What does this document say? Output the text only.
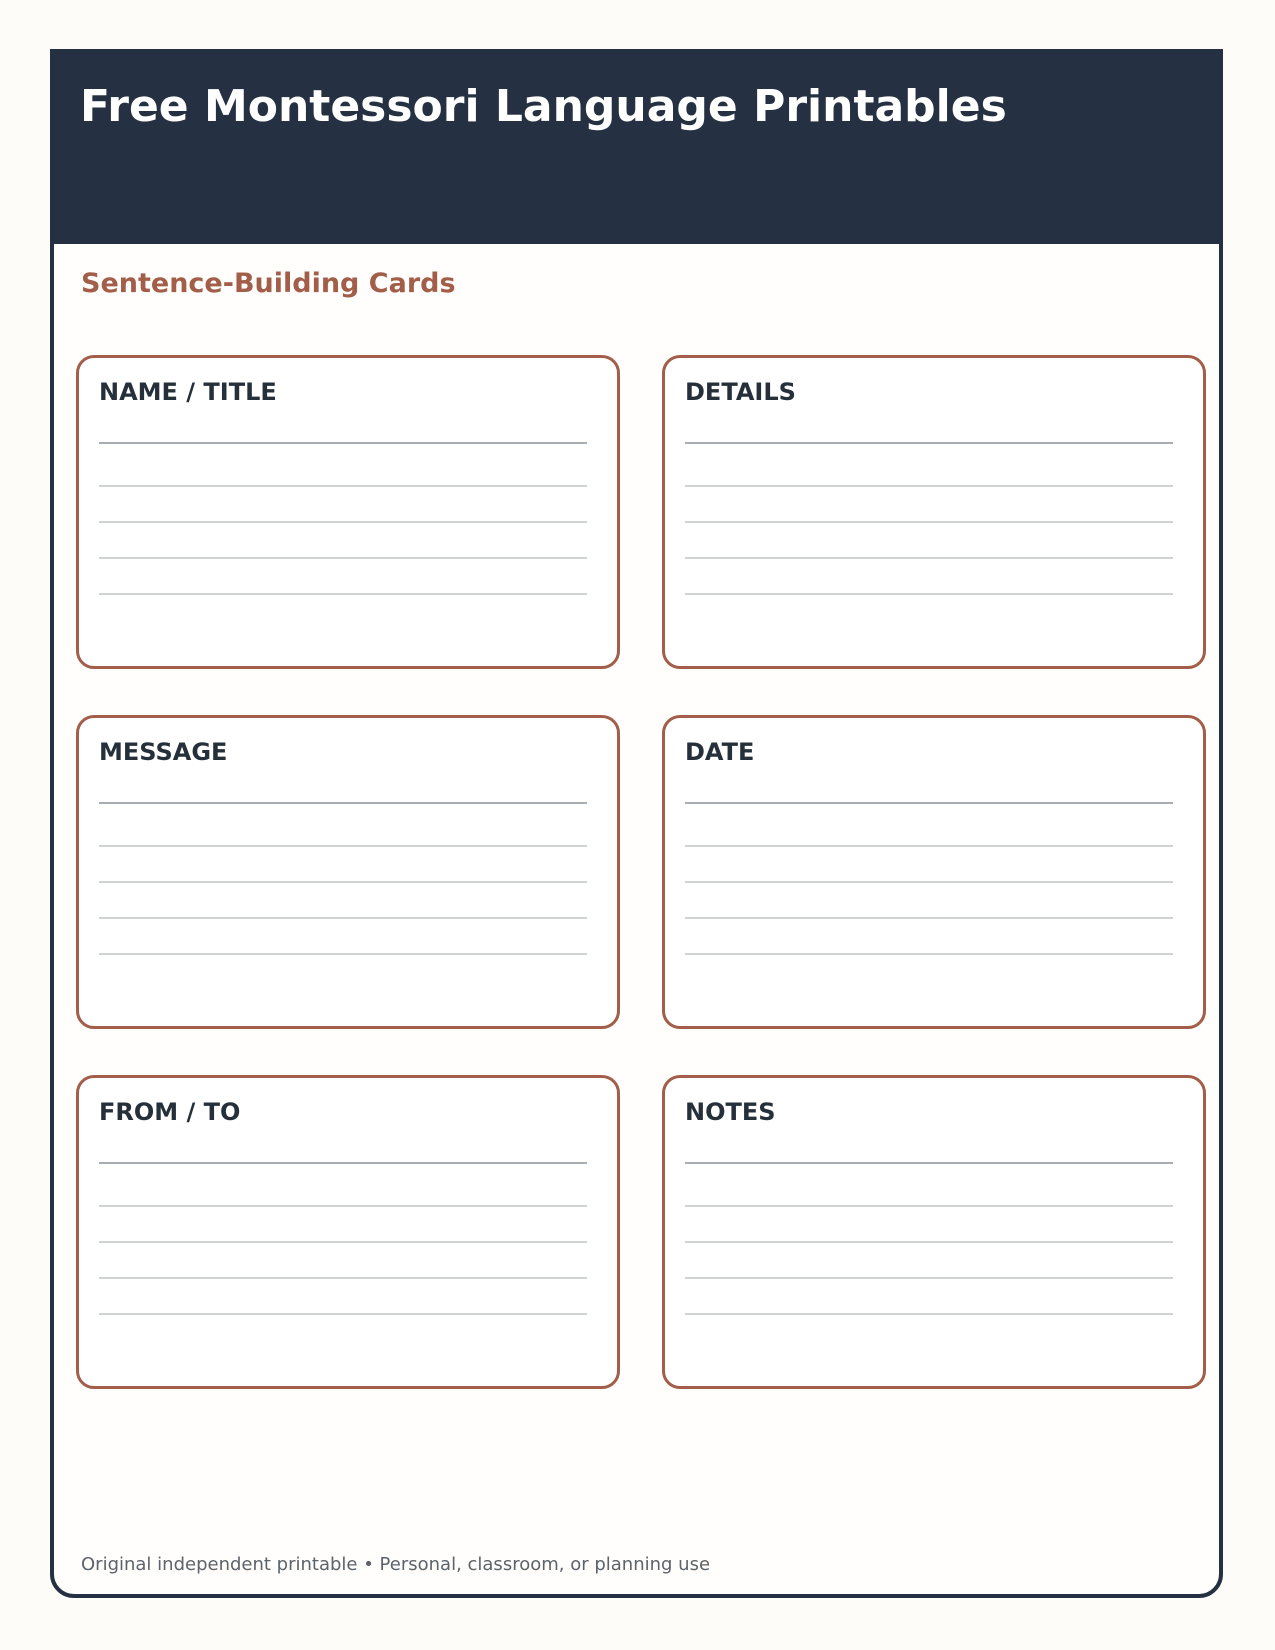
Free Montessori Language Printables
Sentence-Building Cards
NAME / TITLE	DETAILS
MESSAGE	DATE
FROM / TO	NOTES

Original independent printable • Personal, classroom, or planning use
